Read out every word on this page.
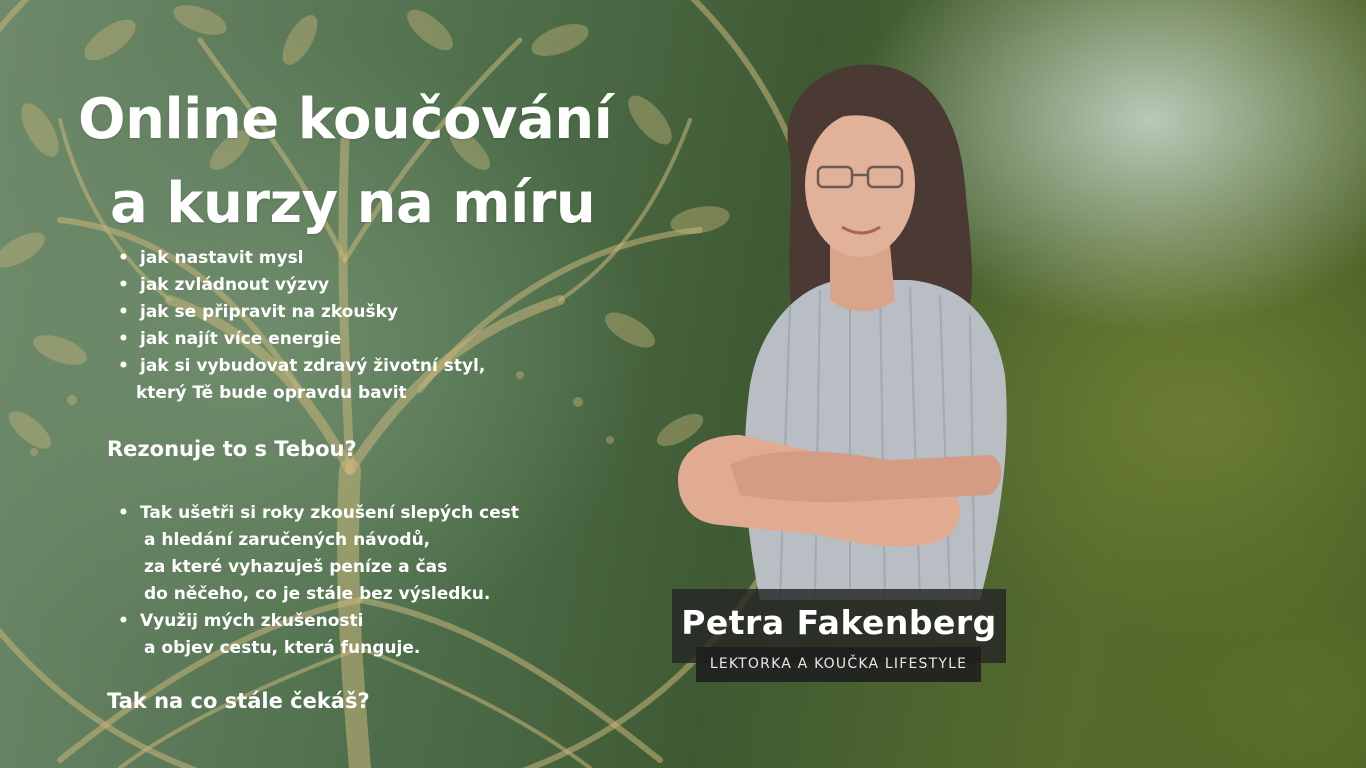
Online koučování
a kurzy na míru
• jak nastavit mysl
• jak zvládnout výzvy
• jak se připravit na zkoušky
• jak najít více energie
• jak si vybudovat zdravý životní styl,
který Tě bude opravdu bavit
Rezonuje to s Tebou?
• Tak ušetři si roky zkoušení slepých cest
a hledání zaručených návodů,
za které vyhazuješ peníze a čas
do něčeho, co je stále bez výsledku.
• Využij mých zkušenosti
a objev cestu, která funguje.
Tak na co stále čekáš?
Petra Fakenberg
LEKTORKA A KOUČKA LIFESTYLE
